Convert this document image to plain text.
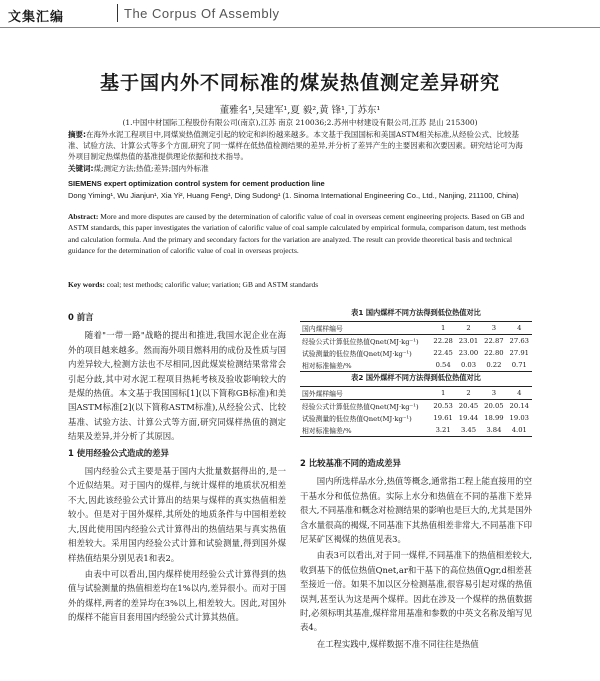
文集汇编	The Corpus Of Assembly
基于国内外不同标准的煤炭热值测定差异研究
董雅名¹,吴建军¹,夏 毅²,黄 锋¹,丁苏东¹
(1.中国中材国际工程股份有限公司(南京),江苏 南京 210036;2.苏州中材建设有限公司,江苏 昆山 215300)
摘要:在海外水泥工程项目中,同煤炭热值测定引起的较定和纠纷越来越多。本文基于我国国标和美国ASTM相关标准,从经验公式、比较基准、试验方法、计算公式等多个方面,研究了同一煤样在低热值检测结果的差异,并分析了差异产生的主要因素和次要因素。研究结论可为海外项目制定热煤热值的基准提供理论依据和技术指导。
关键词:煤;测定方法;热值;差异;国内外标准
SIEMENS expert optimization control system for cement production line
Dong Yiming¹, Wu Jianjun¹, Xia Yi², Huang Feng¹, Ding Sudong¹ (1. Sinoma International Engineering Co., Ltd., Nanjing, 211100, China)
Abstract: More and more disputes are caused by the determination of calorific value of coal in overseas cement engineering projects. Based on GB and ASTM standards, this paper investigates the variation of calorific value of coal sample calculated by empirical formula, comparison datum, test methods and calculation formula. And the primary and secondary factors for the variation are analyzed. The result can provide theoretical basis and technical guidance for the determination of calorific value of coal in overseas projects.
Key words: coal; test methods; calorific value; variation; GB and ASTM standards
0 前言

随着"一带一路"战略的提出和推进,我国水泥企业在海外的项目越来越多。然而海外项目燃料用的成份及性质与国内差异较大,检测方法也不尽相同,因此煤炭检测结果常常会引起分歧,其中对水泥工程项目热耗考核及验收影响较大的是煤的热值。本文基于我国国标[1](以下简称GB标准)和美国ASTM标准[2](以下简称ASTM标准),从经验公式、比较基准、试验方法、计算公式等方面,研究同煤样热值的测定结果及差异,并分析了其原因。

1 使用经验公式造成的差异

国内经验公式主要是基于国内大批量数据得出的,是一个近似结果。对于国内的煤样,与统计煤样的地质状况相差不大,因此该经验公式计算出的结果与煤样的真实热值相差较小。但是对于国外煤样,其所处的地质条件与中国相差较大,因此使用国内经验公式计算得出的热值结果与真实热值相差较大。采用国内经验公式计算和试验测量,得到国外煤样热值结果分别见表1和表2。

由表中可以看出,国内煤样使用经验公式计算得到的热值与试验测量的热值相差均在1%以内,差异很小。而对于国外的煤样,两者的差异均在3%以上,相差较大。因此,对国外的煤样不能盲目套用国内经验公式计算其热值。

表1 国内煤样不同方法得到低位热值对比
国内煤样编号	1	2	3	4
经验公式计算低位热值Qnet(MJ·kg⁻¹)	22.28	23.01	22.87	27.63
试验测量的低位热值Qnet(MJ·kg⁻¹)	22.45	23.00	22.80	27.91
相对标准偏差/%	0.54	0.03	0.22	0.71
表2 国外煤样不同方法得到低位热值对比
国外煤样编号	1	2	3	4
经验公式计算低位热值Qnet(MJ·kg⁻¹)	20.53	20.45	20.05	20.14
试验测量的低位热值Qnet(MJ·kg⁻¹)	19.61	19.44	18.99	19.03
相对标准偏差/%	3.21	3.45	3.84	4.01
2 比较基准不同的造成差异

国内所选样品水分,热值等概念,通常指工程上能直接用的空干基水分和低位热值。实际上水分和热值在不同的基准下差异很大,不同基准和概念对检测结果的影响也是巨大的,尤其是国外含水量很高的褐煤,不同基准下其热值相差非常大,不同基准下印尼某矿区褐煤的热值见表3。

由表3可以看出,对于同一煤样,不同基准下的热值相差较大,收到基下的低位热值Qnet,ar和干基下的高位热值Qgr,d相差甚至接近一倍。如果不加以区分检测基准,很容易引起对煤的热值误判,甚至认为这是两个煤样。因此在涉及一个煤样的热值数据时,必须标明其基准,煤样常用基准和参数的中英文名称及缩写见表4。

在工程实践中,煤样数据不准不同往往是热值
